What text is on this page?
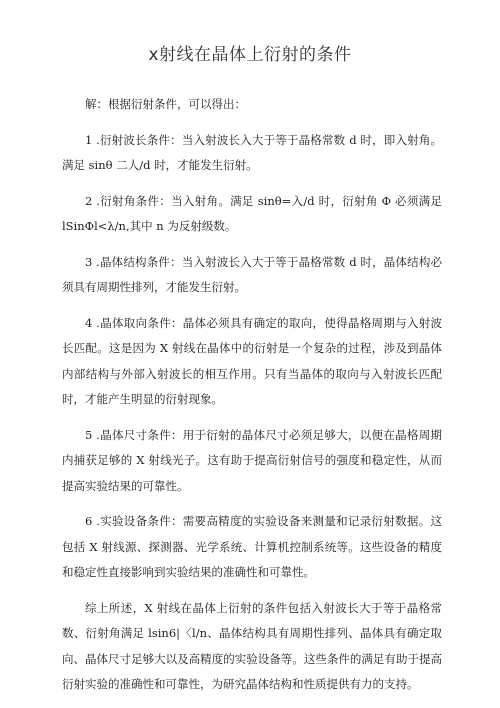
x射线在晶体上衍射的条件

解：根据衍射条件，可以得出：

1 .衍射波长条件：当入射波长入大于等于晶格常数 d 时，即入射角。满足 sinθ 二人/d 时，才能发生衍射。

2 .衍射角条件：当入射角。满足 sinθ=入/d 时，衍射角 Φ 必须满足 lSinΦl<λ/n,其中 n 为反射级数。

3 .晶体结构条件：当入射波长入大于等于晶格常数 d 时，晶体结构必须具有周期性排列，才能发生衍射。

4 .晶体取向条件：晶体必须具有确定的取向，使得晶格周期与入射波长匹配。这是因为 X 射线在晶体中的衍射是一个复杂的过程，涉及到晶体内部结构与外部入射波长的相互作用。只有当晶体的取向与入射波长匹配时，才能产生明显的衍射现象。

5 .晶体尺寸条件：用于衍射的晶体尺寸必须足够大，以便在晶格周期内捕获足够的 X 射线光子。这有助于提高衍射信号的强度和稳定性，从而提高实验结果的可靠性。

6 .实验设备条件：需要高精度的实验设备来测量和记录衍射数据。这包括 X 射线源、探测器、光学系统、计算机控制系统等。这些设备的精度和稳定性直接影响到实验结果的准确性和可靠性。

综上所述，X 射线在晶体上衍射的条件包括入射波长大于等于晶格常数、衍射角满足 lsin6|〈l/n、晶体结构具有周期性排列、晶体具有确定取向、晶体尺寸足够大以及高精度的实验设备等。这些条件的满足有助于提高衍射实验的准确性和可靠性，为研究晶体结构和性质提供有力的支持。
